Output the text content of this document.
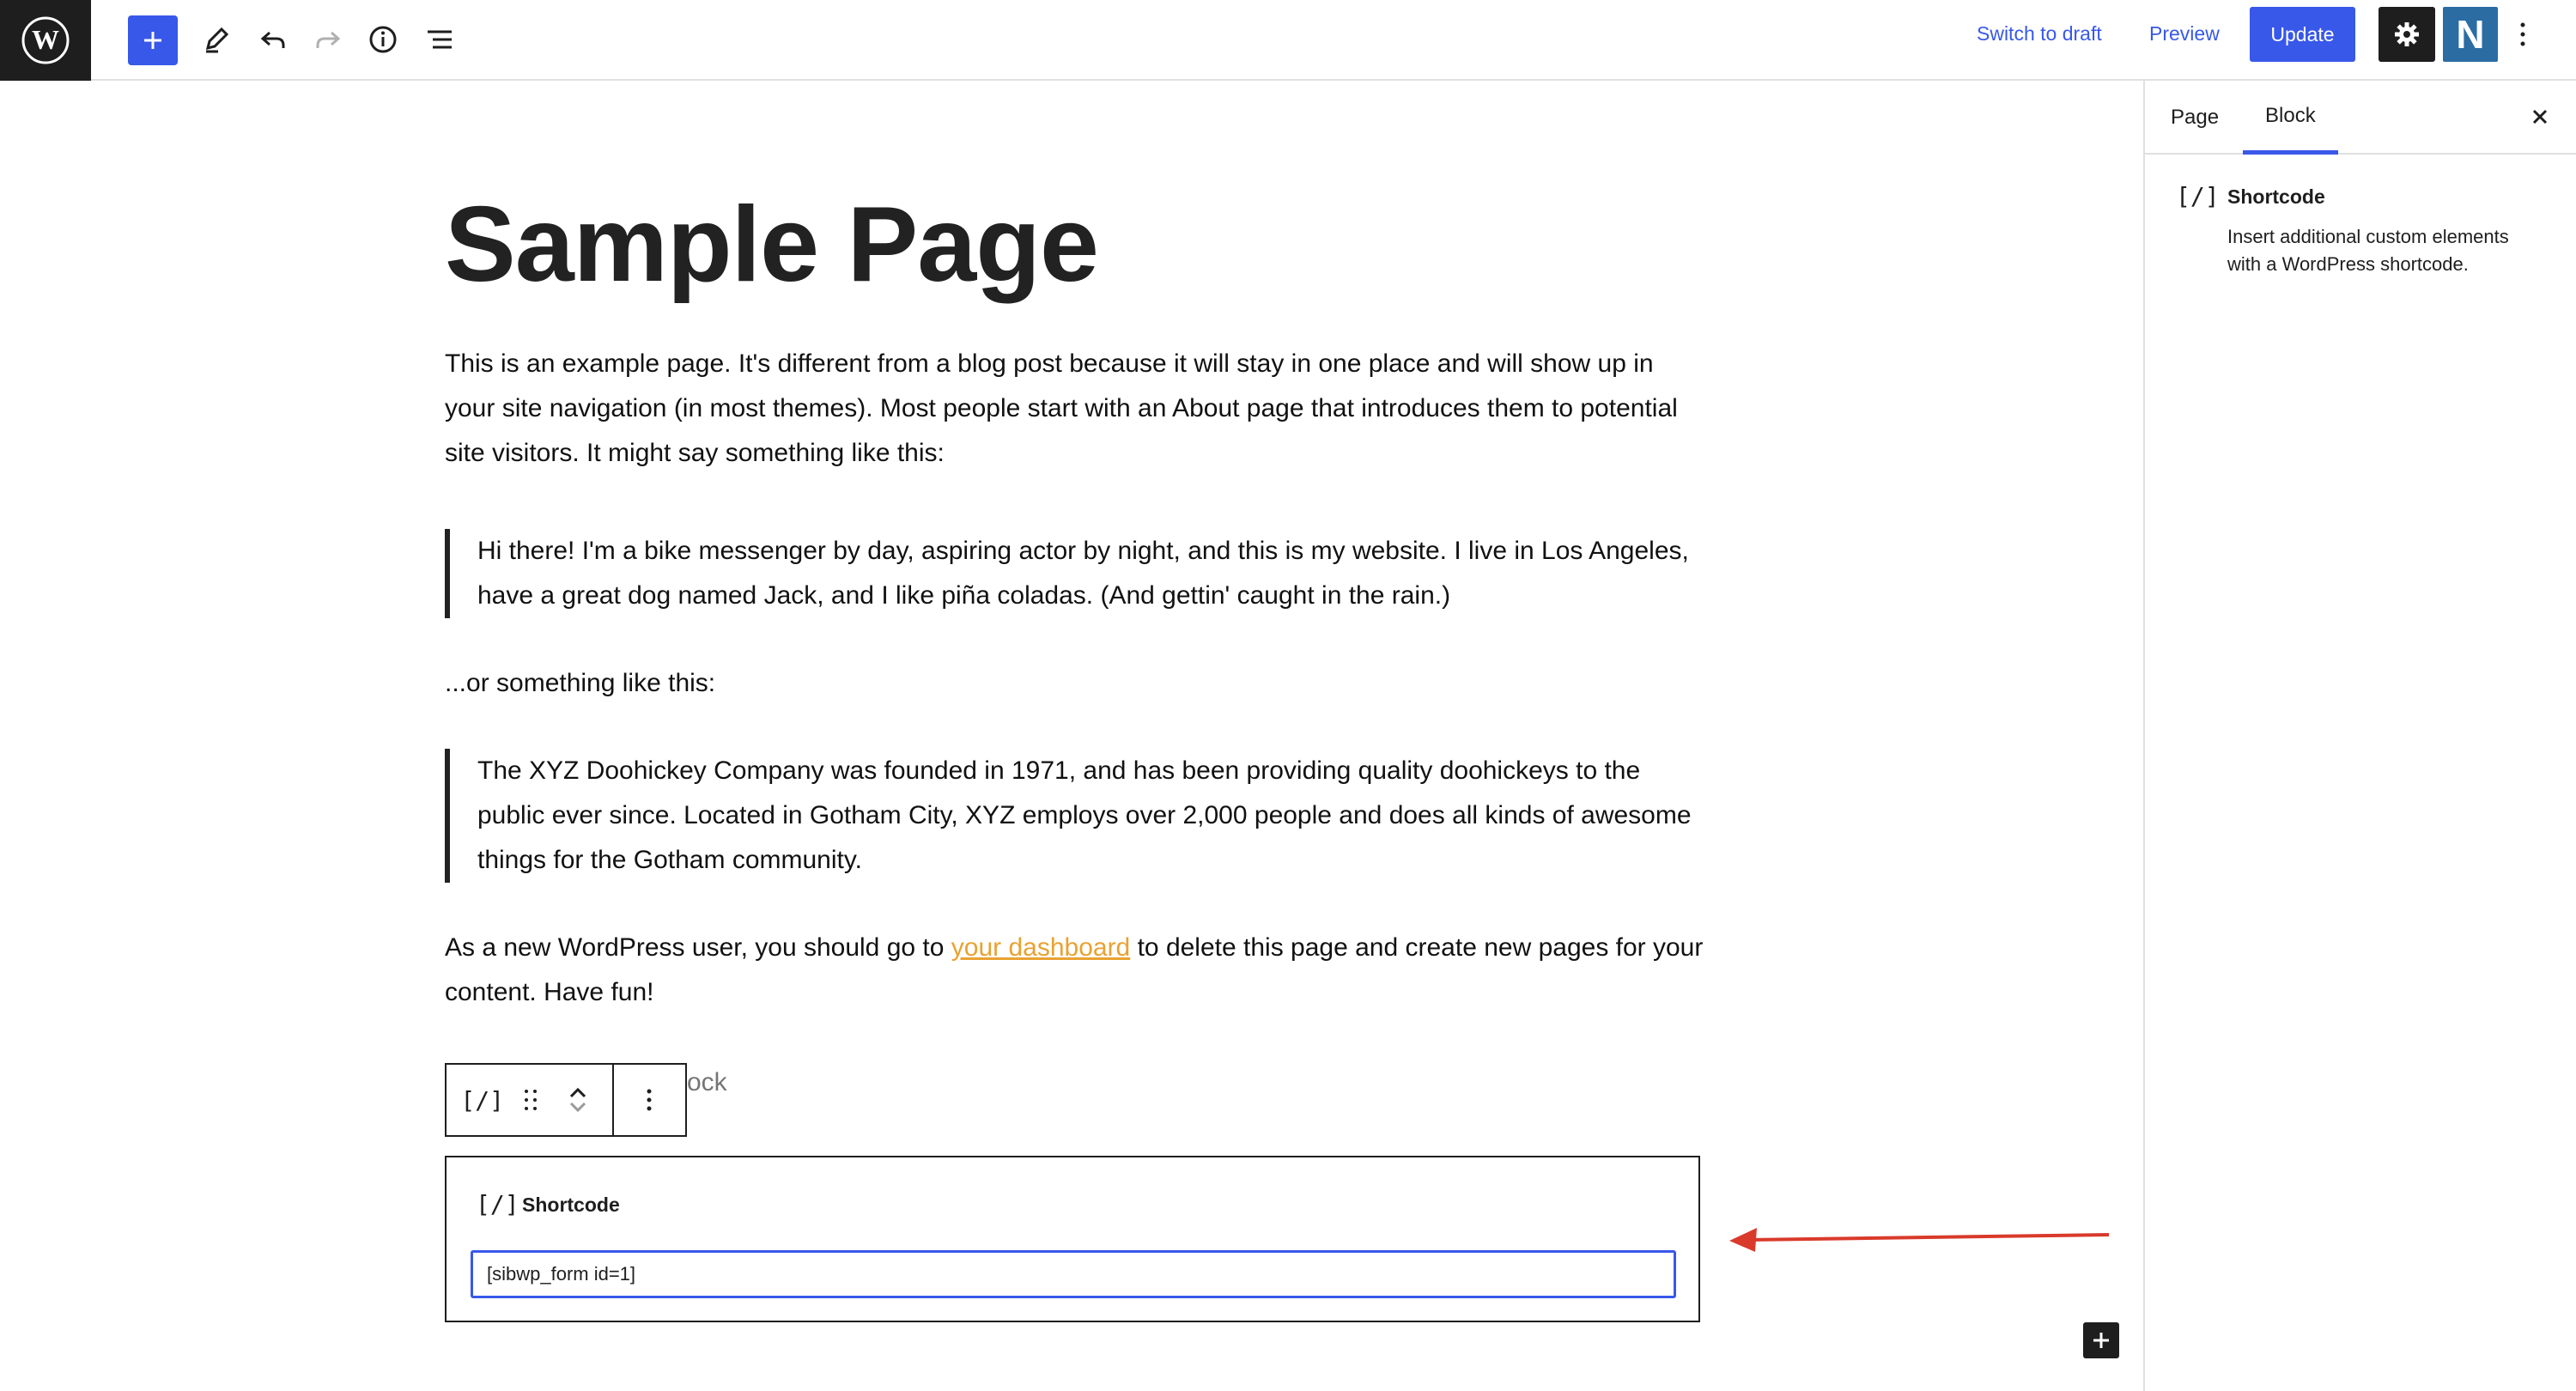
W	Switch to draft Preview	Update	N
Sample Page

This is an example page. It's different from a blog post because it will stay in one place and will show up in your site navigation (in most themes). Most people start with an About page that introduces them to potential site visitors. It might say something like this:

Hi there! I'm a bike messenger by day, aspiring actor by night, and this is my website. I live in Los Angeles, have a great dog named Jack, and I like piña coladas. (And gettin' caught in the rain.)

...or something like this:

The XYZ Doohickey Company was founded in 1971, and has been providing quality doohickeys to the public ever since. Located in Gotham City, XYZ employs over 2,000 people and does all kinds of awesome things for the Gotham community.

As a new WordPress user, you should go to your dashboard to delete this page and create new pages for your content. Have fun!

ock
[/]
[/] Shortcode
[sibwp_form id=1]
Page	Block
[/] Shortcode

Insert additional custom elements with a WordPress shortcode.
